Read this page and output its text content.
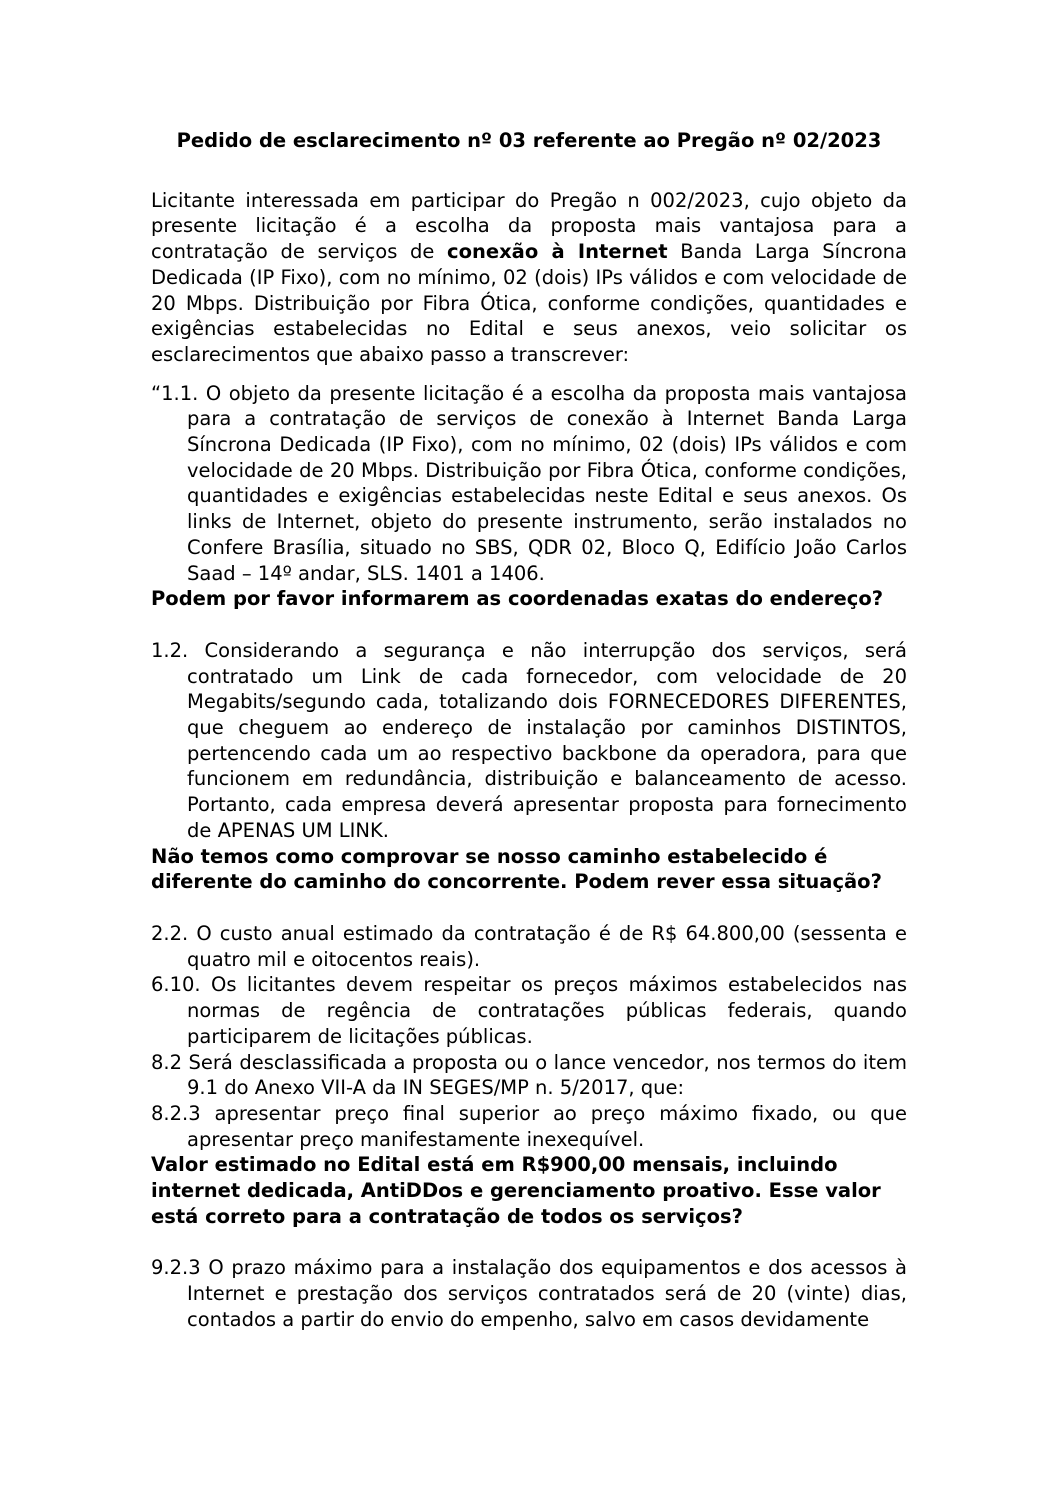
Pedido de esclarecimento nº 03 referente ao Pregão nº 02/2023

Licitante interessada em participar do Pregão n 002/2023, cujo objeto da presente licitação é a escolha da proposta mais vantajosa para a contratação de serviços de conexão à Internet Banda Larga Síncrona Dedicada (IP Fixo), com no mínimo, 02 (dois) IPs válidos e com velocidade de 20 Mbps. Distribuição por Fibra Ótica, conforme condições, quantidades e exigências estabelecidas no Edital e seus anexos, veio solicitar os esclarecimentos que abaixo passo a transcrever:

“1.1. O objeto da presente licitação é a escolha da proposta mais vantajosa para a contratação de serviços de conexão à Internet Banda Larga Síncrona Dedicada (IP Fixo), com no mínimo, 02 (dois) IPs válidos e com velocidade de 20 Mbps. Distribuição por Fibra Ótica, conforme condições, quantidades e exigências estabelecidas neste Edital e seus anexos. Os links de Internet, objeto do presente instrumento, serão instalados no Confere Brasília, situado no SBS, QDR 02, Bloco Q, Edifício João Carlos Saad – 14º andar, SLS. 1401 a 1406.

Podem por favor informarem as coordenadas exatas do endereço?

1.2. Considerando a segurança e não interrupção dos serviços, será contratado um Link de cada fornecedor, com velocidade de 20 Megabits/segundo cada, totalizando dois FORNECEDORES DIFERENTES, que cheguem ao endereço de instalação por caminhos DISTINTOS, pertencendo cada um ao respectivo backbone da operadora, para que funcionem em redundância, distribuição e balanceamento de acesso. Portanto, cada empresa deverá apresentar proposta para fornecimento de APENAS UM LINK.

Não temos como comprovar se nosso caminho estabelecido é diferente do caminho do concorrente. Podem rever essa situação?

2.2. O custo anual estimado da contratação é de R$ 64.800,00 (sessenta e quatro mil e oitocentos reais).

6.10. Os licitantes devem respeitar os preços máximos estabelecidos nas normas de regência de contratações públicas federais, quando participarem de licitações públicas.

8.2 Será desclassificada a proposta ou o lance vencedor, nos termos do item 9.1 do Anexo VII-A da IN SEGES/MP n. 5/2017, que:

8.2.3 apresentar preço final superior ao preço máximo fixado, ou que apresentar preço manifestamente inexequível.

Valor estimado no Edital está em R$900,00 mensais, incluindo internet dedicada, AntiDDos e gerenciamento proativo. Esse valor está correto para a contratação de todos os serviços?

9.2.3 O prazo máximo para a instalação dos equipamentos e dos acessos à Internet e prestação dos serviços contratados será de 20 (vinte) dias, contados a partir do envio do empenho, salvo em casos devidamente
